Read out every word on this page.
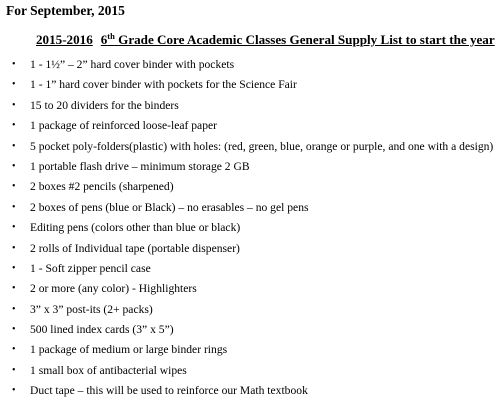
For September, 2015
2015-2016 6th Grade Core Academic Classes General Supply List to start the year
• 1 - 1½” – 2” hard cover binder with pockets
• 1 - 1” hard cover binder with pockets for the Science Fair
• 15 to 20 dividers for the binders
• 1 package of reinforced loose-leaf paper
• 5 pocket poly-folders(plastic) with holes: (red, green, blue, orange or purple, and one with a design)
• 1 portable flash drive – minimum storage 2 GB
• 2 boxes #2 pencils (sharpened)
• 2 boxes of pens (blue or Black) – no erasables – no gel pens
• Editing pens (colors other than blue or black)
• 2 rolls of Individual tape (portable dispenser)
• 1 - Soft zipper pencil case
• 2 or more (any color) - Highlighters
• 3” x 3” post-its (2+ packs)
• 500 lined index cards (3” x 5”)
• 1 package of medium or large binder rings
• 1 small box of antibacterial wipes
• Duct tape – this will be used to reinforce our Math textbook
